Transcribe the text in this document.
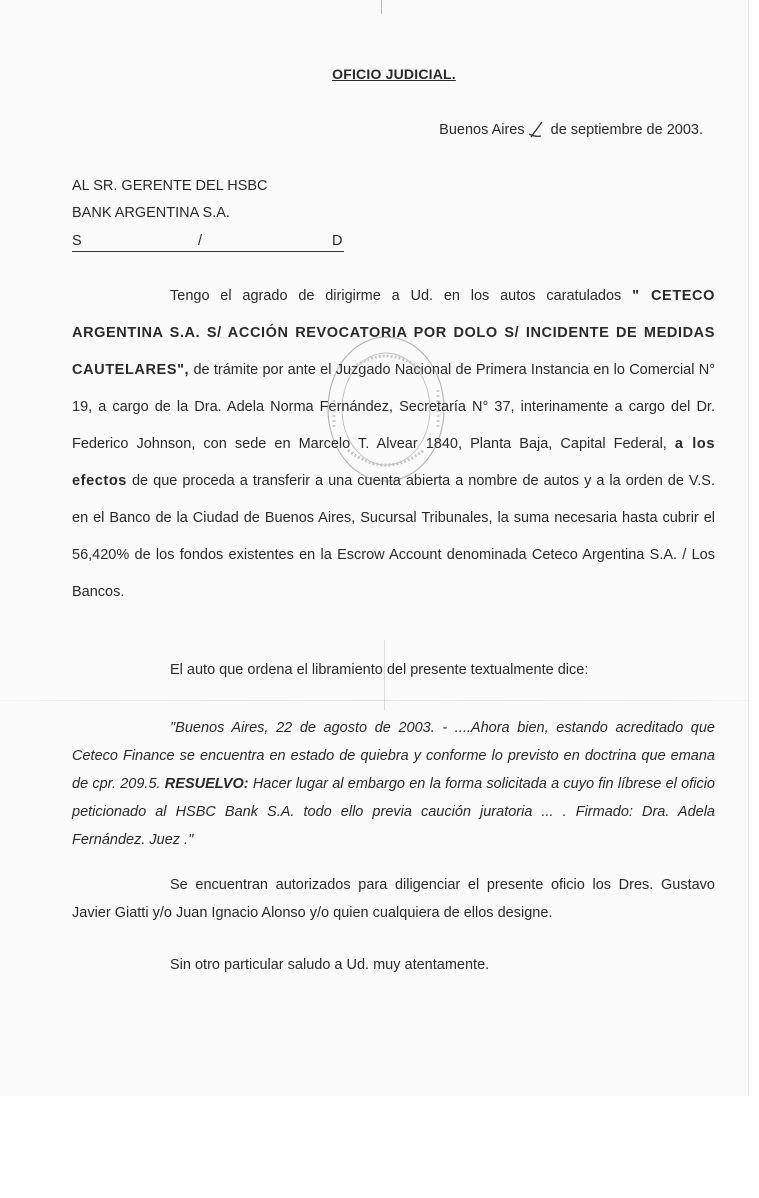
OFICIO JUDICIAL.
Buenos Aires de septiembre de 2003.
AL SR. GERENTE DEL HSBC
BANK ARGENTINA S.A.
S	/	D
Tengo el agrado de dirigirme a Ud. en los autos caratulados " CETECO ARGENTINA S.A. S/ ACCIÓN REVOCATORIA POR DOLO S/ INCIDENTE DE MEDIDAS CAUTELARES", de trámite por ante el Juzgado Nacional de Primera Instancia en lo Comercial N° 19, a cargo de la Dra. Adela Norma Fernández, Secretaría N° 37, interinamente a cargo del Dr. Federico Johnson, con sede en Marcelo T. Alvear 1840, Planta Baja, Capital Federal, a los efectos de que proceda a transferir a una cuenta abierta a nombre de autos y a la orden de V.S. en el Banco de la Ciudad de Buenos Aires, Sucursal Tribunales, la suma necesaria hasta cubrir el 56,420% de los fondos existentes en la Escrow Account denominada Ceteco Argentina S.A. / Los Bancos.
El auto que ordena el libramiento del presente textualmente dice:
"Buenos Aires, 22 de agosto de 2003. - ....Ahora bien, estando acreditado que Ceteco Finance se encuentra en estado de quiebra y conforme lo previsto en doctrina que emana de cpr. 209.5. RESUELVO: Hacer lugar al embargo en la forma solicitada a cuyo fin líbrese el oficio peticionado al HSBC Bank S.A. todo ello previa caución juratoria ... . Firmado: Dra. Adela Fernández. Juez ."
Se encuentran autorizados para diligenciar el presente oficio los Dres. Gustavo Javier Giatti y/o Juan Ignacio Alonso y/o quien cualquiera de ellos designe.
Sin otro particular saludo a Ud. muy atentamente.
